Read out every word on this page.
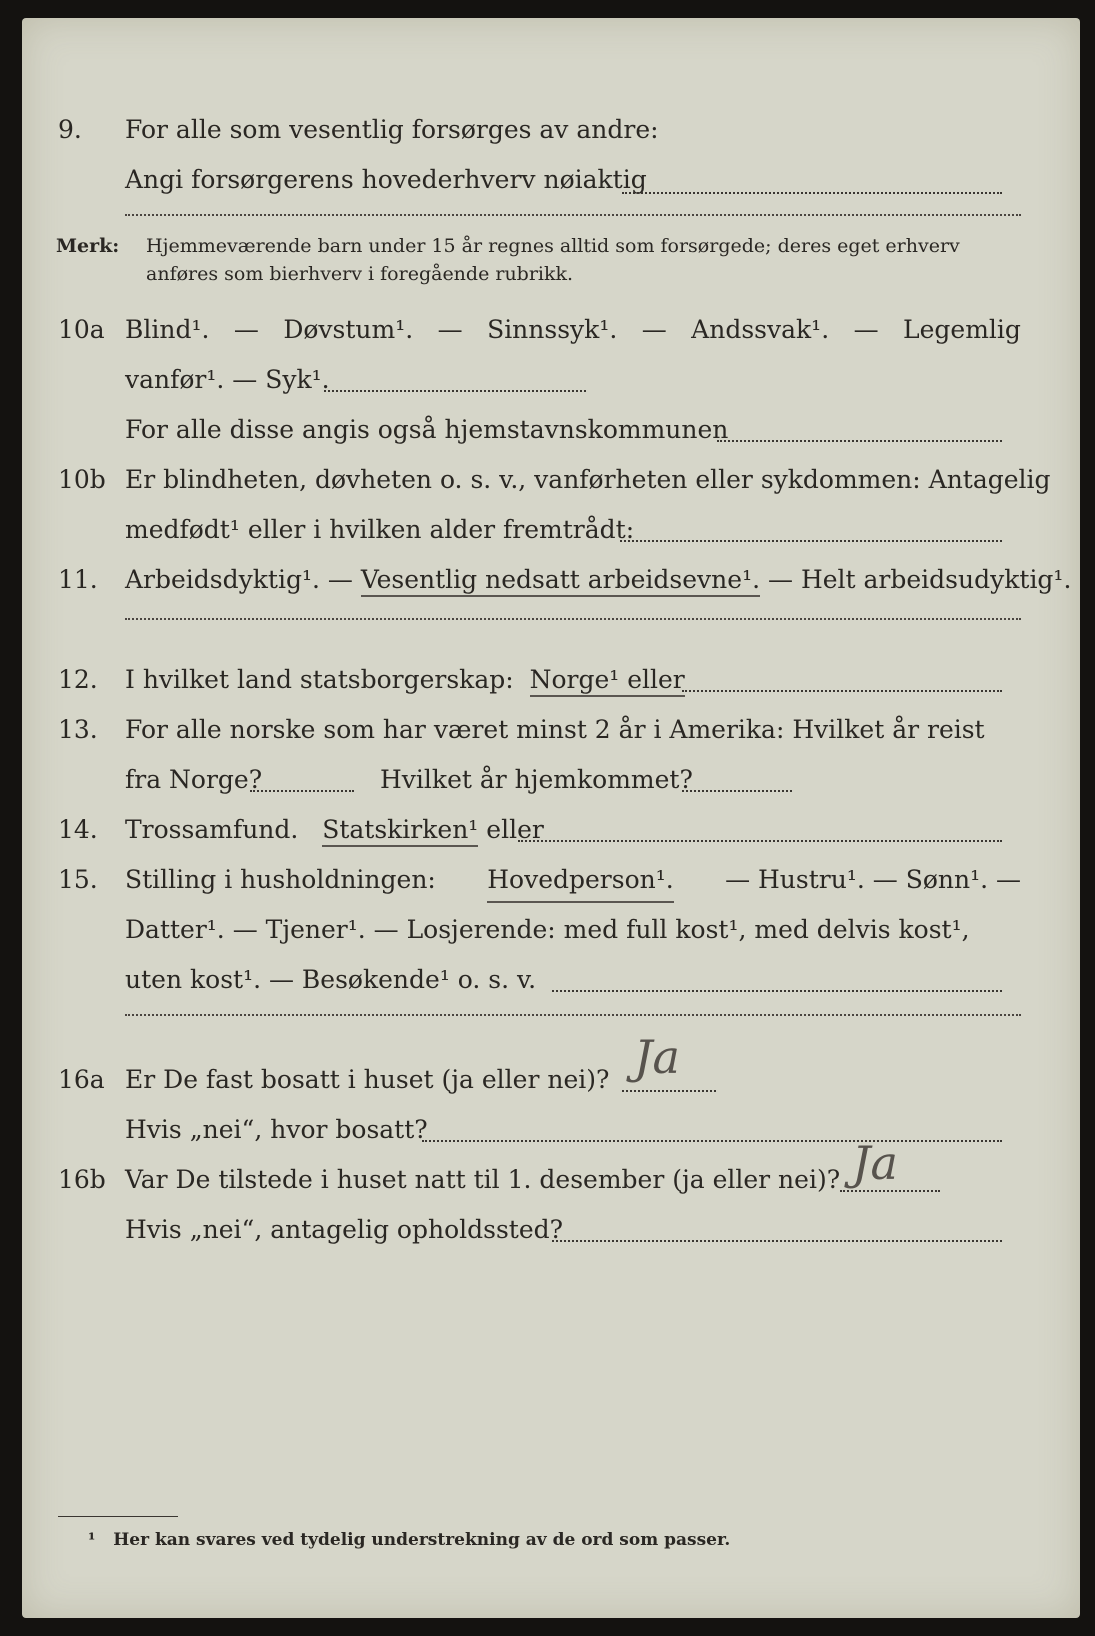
9. For alle som vesentlig forsørges av andre:
Angi forsørgerens hovederhverv nøiaktig
Merk: Hjemmeværende barn under 15 år regnes alltid som forsørgede; deres eget erhverv
anføres som bierhverv i foregående rubrikk.
10a Blind¹. — Døvstum¹. — Sinnssyk¹. — Andssvak¹. — Legemlig
vanfør¹. — Syk¹.
For alle disse angis også hjemstavnskommunen
10b Er blindheten, døvheten o. s. v., vanførheten eller sykdommen: Antagelig
medfødt¹ eller i hvilken alder fremtrådt:
11. Arbeidsdyktig¹. — Vesentlig nedsatt arbeidsevne¹. — Helt arbeidsudyktig¹.
12. I hvilket land statsborgerskap: Norge¹ eller
13. For alle norske som har været minst 2 år i Amerika: Hvilket år reist
fra Norge?	Hvilket år hjemkommet?
14. Trossamfund. Statskirken¹ eller
15. Stilling i husholdningen: Hovedperson¹. — Hustru¹. — Sønn¹. —
Datter¹. — Tjener¹. — Losjerende: med full kost¹, med delvis kost¹,
uten kost¹. — Besøkende¹ o. s. v.
16a Er De fast bosatt i huset (ja eller nei)? Ja
Hvis „nei“, hvor bosatt?
16b Var De tilstede i huset natt til 1. desember (ja eller nei)? Ja
Hvis „nei“, antagelig opholdssted?
¹ Her kan svares ved tydelig understrekning av de ord som passer.
